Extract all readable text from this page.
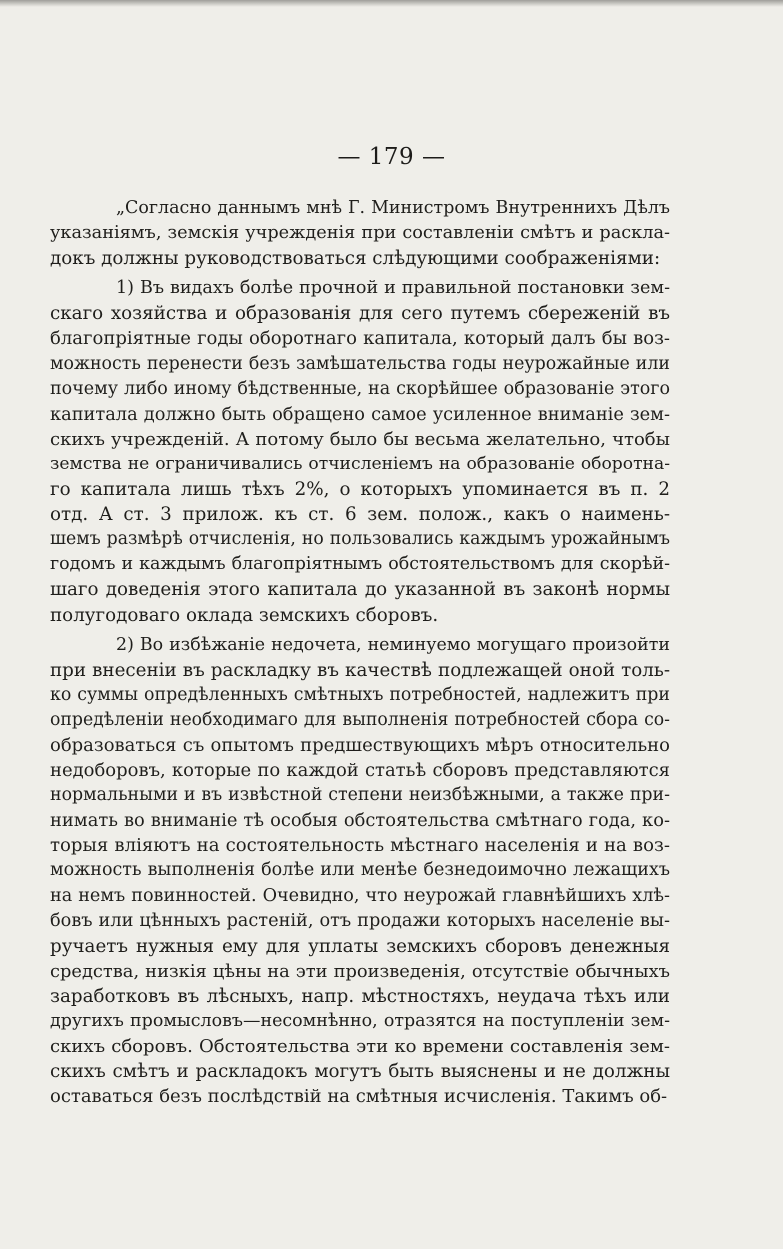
— 179 —
„Согласно даннымъ мнѣ Г. Министромъ Внутреннихъ Дѣлъ
указаніямъ, земскія учрежденія при составленіи смѣтъ и раскла-
докъ должны руководствоваться слѣдующими соображеніями:
1) Въ видахъ болѣе прочной и правильной постановки зем-
скаго хозяйства и образованія для сего путемъ сбереженій въ
благопріятные годы оборотнаго капитала, который далъ бы воз-
можность перенести безъ замѣшательства годы неурожайные или
почему либо иному бѣдственные, на скорѣйшее образованіе этого
капитала должно быть обращено самое усиленное вниманіе зем-
скихъ учрежденій. А потому было бы весьма желательно, чтобы
земства не ограничивались отчисленіемъ на образованіе оборотна-
го капитала лишь тѣхъ 2%, о которыхъ упоминается въ п. 2
отд. А ст. 3 прилож. къ ст. 6 зем. полож., какъ о наимень-
шемъ размѣрѣ отчисленія, но пользовались каждымъ урожайнымъ
годомъ и каждымъ благопріятнымъ обстоятельствомъ для скорѣй-
шаго доведенія этого капитала до указанной въ законѣ нормы
полугодоваго оклада земскихъ сборовъ.
2) Во избѣжаніе недочета, неминуемо могущаго произойти
при внесеніи въ раскладку въ качествѣ подлежащей оной толь-
ко суммы опредѣленныхъ смѣтныхъ потребностей, надлежитъ при
опредѣленіи необходимаго для выполненія потребностей сбора со-
образоваться съ опытомъ предшествующихъ мѣръ относительно
недоборовъ, которые по каждой статьѣ сборовъ представляются
нормальными и въ извѣстной степени неизбѣжными, а также при-
нимать во вниманіе тѣ особыя обстоятельства смѣтнаго года, ко-
торыя вліяютъ на состоятельность мѣстнаго населенія и на воз-
можность выполненія болѣе или менѣе безнедоимочно лежащихъ
на немъ повинностей. Очевидно, что неурожай главнѣйшихъ хлѣ-
бовъ или цѣнныхъ растеній, отъ продажи которыхъ населеніе вы-
ручаетъ нужныя ему для уплаты земскихъ сборовъ денежныя
средства, низкія цѣны на эти произведенія, отсутствіе обычныхъ
заработковъ въ лѣсныхъ, напр. мѣстностяхъ, неудача тѣхъ или
другихъ промысловъ—несомнѣнно, отразятся на поступленіи зем-
скихъ сборовъ. Обстоятельства эти ко времени составленія зем-
скихъ смѣтъ и раскладокъ могутъ быть выяснены и не должны
оставаться безъ послѣдствій на смѣтныя исчисленія. Такимъ об-
